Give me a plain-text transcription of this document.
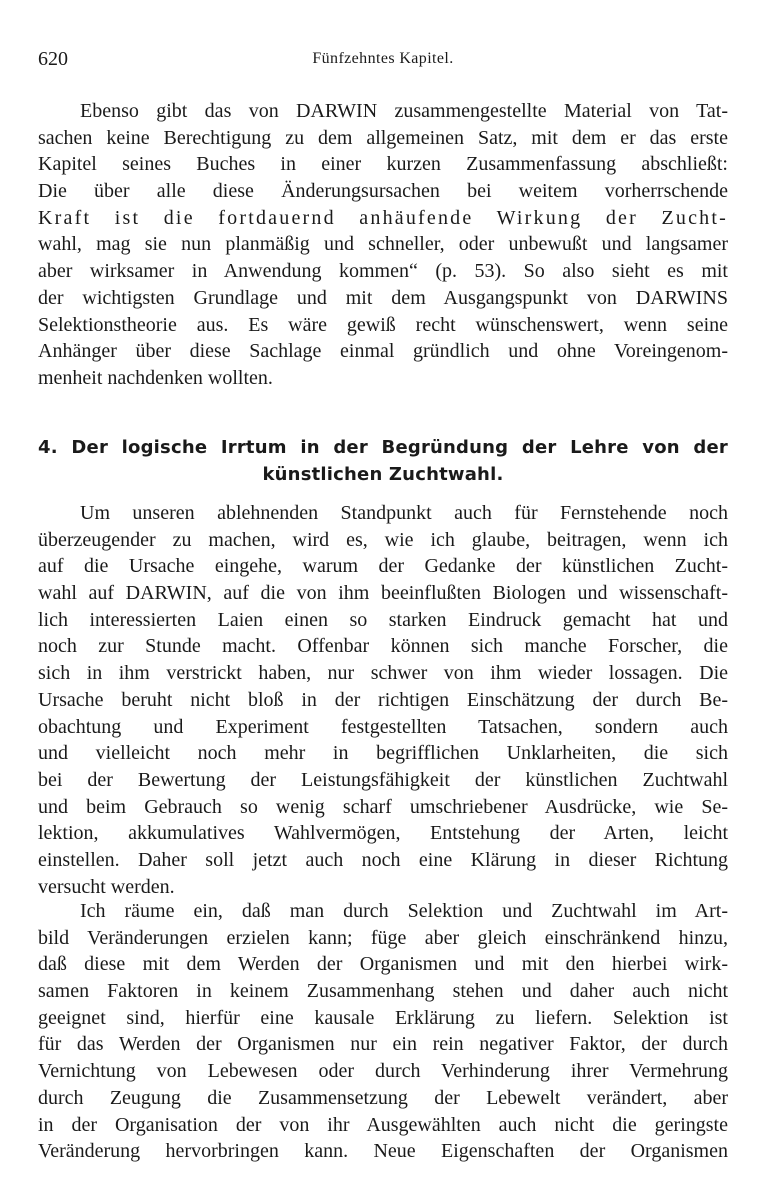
620	Fünfzehntes Kapitel.
Ebenso gibt das von DARWIN zusammengestellte Material von Tat-
sachen keine Berechtigung zu dem allgemeinen Satz, mit dem er das erste
Kapitel seines Buches in einer kurzen Zusammenfassung abschließt:
Die über alle diese Änderungsursachen bei weitem vorherrschende
Kraft ist die fortdauernd anhäufende Wirkung der Zucht-
wahl, mag sie nun planmäßig und schneller, oder unbewußt und langsamer
aber wirksamer in Anwendung kommen“ (p. 53). So also sieht es mit
der wichtigsten Grundlage und mit dem Ausgangspunkt von DARWINS
Selektionstheorie aus. Es wäre gewiß recht wünschenswert, wenn seine
Anhänger über diese Sachlage einmal gründlich und ohne Voreingenom-
menheit nachdenken wollten.
4. Der logische Irrtum in der Begründung der Lehre von der
künstlichen Zuchtwahl.
Um unseren ablehnenden Standpunkt auch für Fernstehende noch
überzeugender zu machen, wird es, wie ich glaube, beitragen, wenn ich
auf die Ursache eingehe, warum der Gedanke der künstlichen Zucht-
wahl auf DARWIN, auf die von ihm beeinflußten Biologen und wissenschaft-
lich interessierten Laien einen so starken Eindruck gemacht hat und
noch zur Stunde macht. Offenbar können sich manche Forscher, die
sich in ihm verstrickt haben, nur schwer von ihm wieder lossagen. Die
Ursache beruht nicht bloß in der richtigen Einschätzung der durch Be-
obachtung und Experiment festgestellten Tatsachen, sondern auch
und vielleicht noch mehr in begrifflichen Unklarheiten, die sich
bei der Bewertung der Leistungsfähigkeit der künstlichen Zuchtwahl
und beim Gebrauch so wenig scharf umschriebener Ausdrücke, wie Se-
lektion, akkumulatives Wahlvermögen, Entstehung der Arten, leicht
einstellen. Daher soll jetzt auch noch eine Klärung in dieser Richtung
versucht werden.
Ich räume ein, daß man durch Selektion und Zuchtwahl im Art-
bild Veränderungen erzielen kann; füge aber gleich einschränkend hinzu,
daß diese mit dem Werden der Organismen und mit den hierbei wirk-
samen Faktoren in keinem Zusammenhang stehen und daher auch nicht
geeignet sind, hierfür eine kausale Erklärung zu liefern. Selektion ist
für das Werden der Organismen nur ein rein negativer Faktor, der durch
Vernichtung von Lebewesen oder durch Verhinderung ihrer Vermehrung
durch Zeugung die Zusammensetzung der Lebewelt verändert, aber
in der Organisation der von ihr Ausgewählten auch nicht die geringste
Veränderung hervorbringen kann. Neue Eigenschaften der Organismen
